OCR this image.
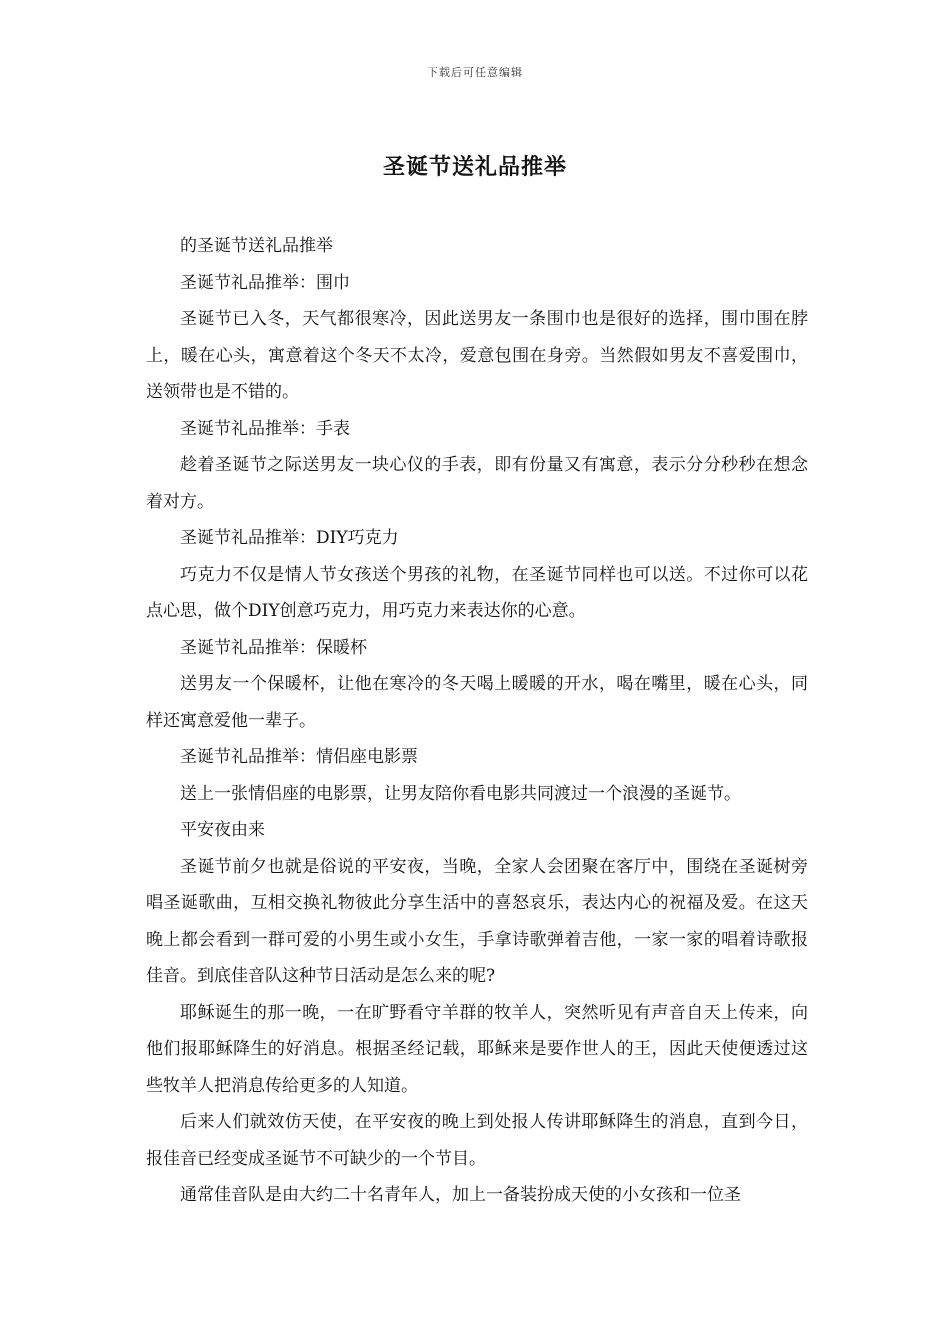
下载后可任意编辑
圣诞节送礼品推举

的圣诞节送礼品推举

圣诞节礼品推举：围巾

圣诞节已入冬，天气都很寒冷，因此送男友一条围巾也是很好的选择，围巾围在脖上，暖在心头，寓意着这个冬天不太冷，爱意包围在身旁。当然假如男友不喜爱围巾，送领带也是不错的。

圣诞节礼品推举：手表

趁着圣诞节之际送男友一块心仪的手表，即有份量又有寓意，表示分分秒秒在想念着对方。

圣诞节礼品推举：DIY巧克力

巧克力不仅是情人节女孩送个男孩的礼物，在圣诞节同样也可以送。不过你可以花点心思，做个DIY创意巧克力，用巧克力来表达你的心意。

圣诞节礼品推举：保暖杯

送男友一个保暖杯，让他在寒冷的冬天喝上暖暖的开水，喝在嘴里，暖在心头，同样还寓意爱他一辈子。

圣诞节礼品推举：情侣座电影票

送上一张情侣座的电影票，让男友陪你看电影共同渡过一个浪漫的圣诞节。

平安夜由来

圣诞节前夕也就是俗说的平安夜，当晚，全家人会团聚在客厅中，围绕在圣诞树旁唱圣诞歌曲，互相交换礼物彼此分享生活中的喜怒哀乐，表达内心的祝福及爱。在这天晚上都会看到一群可爱的小男生或小女生，手拿诗歌弹着吉他，一家一家的唱着诗歌报佳音。到底佳音队这种节日活动是怎么来的呢?

耶稣诞生的那一晚，一在旷野看守羊群的牧羊人，突然听见有声音自天上传来，向他们报耶稣降生的好消息。根据圣经记载，耶稣来是要作世人的王，因此天使便透过这些牧羊人把消息传给更多的人知道。

后来人们就效仿天使，在平安夜的晚上到处报人传讲耶稣降生的消息，直到今日，报佳音已经变成圣诞节不可缺少的一个节目。

通常佳音队是由大约二十名青年人，加上一备装扮成天使的小女孩和一位圣
